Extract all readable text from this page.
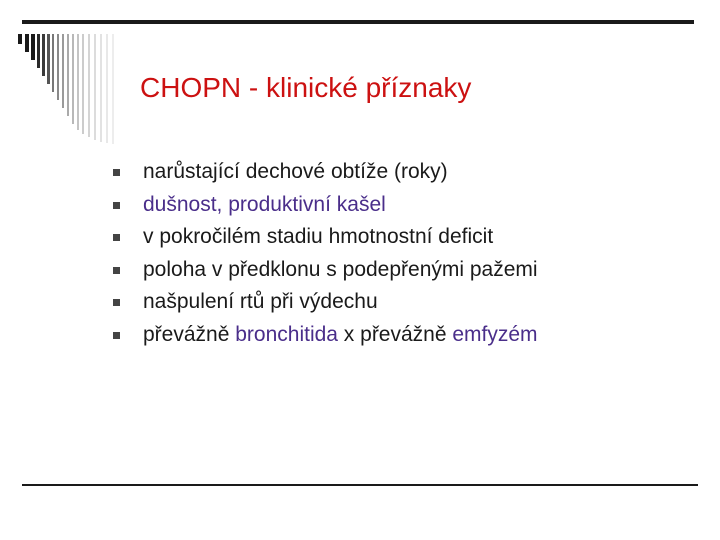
CHOPN - klinické příznaky
narůstající dechové obtíže (roky)
dušnost, produktivní kašel
v pokročilém stadiu hmotnostní deficit
poloha v předklonu s podepřenými pažemi
našpulení rtů při výdechu
převážně bronchitida x převážně emfyzém
